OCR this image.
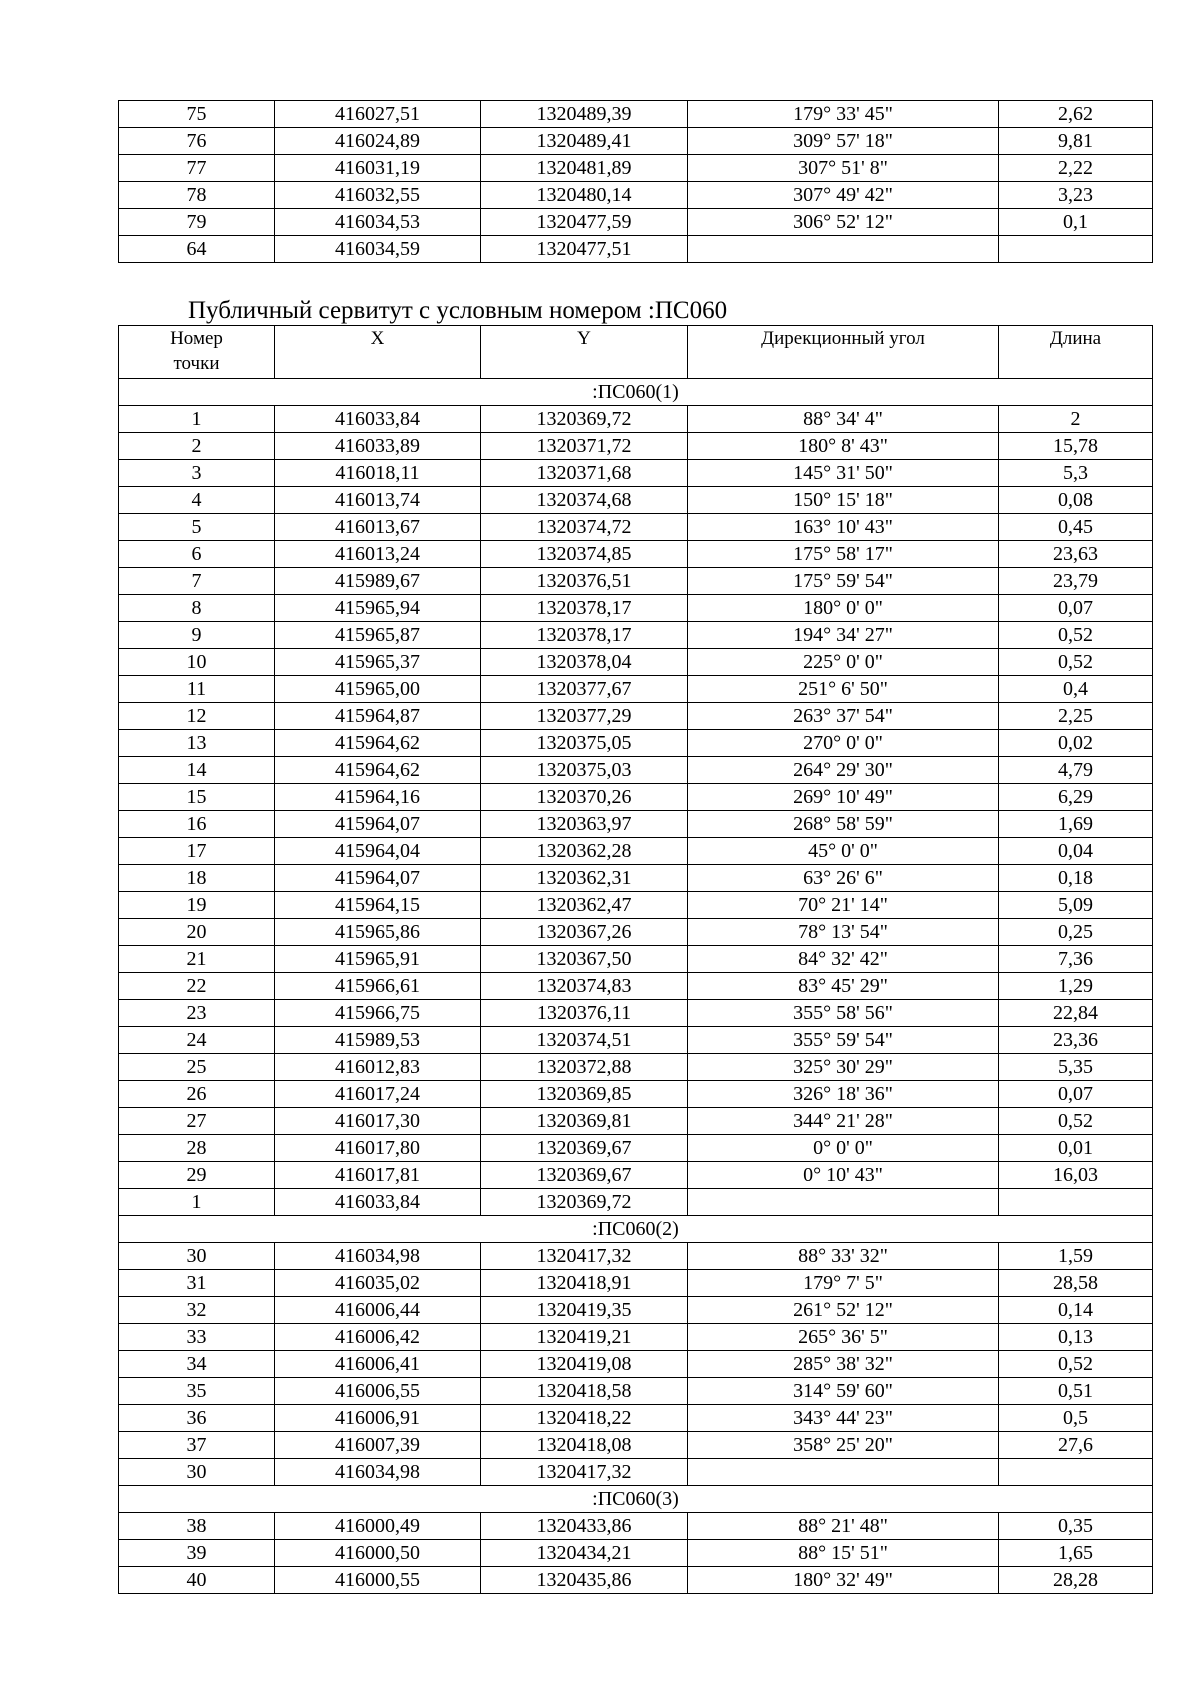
75	416027,51	1320489,39	179° 33' 45"	2,62
76	416024,89	1320489,41	309° 57' 18"	9,81
77	416031,19	1320481,89	307° 51' 8"	2,22
78	416032,55	1320480,14	307° 49' 42"	3,23
79	416034,53	1320477,59	306° 52' 12"	0,1
64	416034,59	1320477,51		
Публичный сервитут с условным номером :ПС060
Номер
точки	X	Y	Дирекционный угол	Длина
:ПС060(1)				
1	416033,84	1320369,72	88° 34' 4"	2
2	416033,89	1320371,72	180° 8' 43"	15,78
3	416018,11	1320371,68	145° 31' 50"	5,3
4	416013,74	1320374,68	150° 15' 18"	0,08
5	416013,67	1320374,72	163° 10' 43"	0,45
6	416013,24	1320374,85	175° 58' 17"	23,63
7	415989,67	1320376,51	175° 59' 54"	23,79
8	415965,94	1320378,17	180° 0' 0"	0,07
9	415965,87	1320378,17	194° 34' 27"	0,52
10	415965,37	1320378,04	225° 0' 0"	0,52
11	415965,00	1320377,67	251° 6' 50"	0,4
12	415964,87	1320377,29	263° 37' 54"	2,25
13	415964,62	1320375,05	270° 0' 0"	0,02
14	415964,62	1320375,03	264° 29' 30"	4,79
15	415964,16	1320370,26	269° 10' 49"	6,29
16	415964,07	1320363,97	268° 58' 59"	1,69
17	415964,04	1320362,28	45° 0' 0"	0,04
18	415964,07	1320362,31	63° 26' 6"	0,18
19	415964,15	1320362,47	70° 21' 14"	5,09
20	415965,86	1320367,26	78° 13' 54"	0,25
21	415965,91	1320367,50	84° 32' 42"	7,36
22	415966,61	1320374,83	83° 45' 29"	1,29
23	415966,75	1320376,11	355° 58' 56"	22,84
24	415989,53	1320374,51	355° 59' 54"	23,36
25	416012,83	1320372,88	325° 30' 29"	5,35
26	416017,24	1320369,85	326° 18' 36"	0,07
27	416017,30	1320369,81	344° 21' 28"	0,52
28	416017,80	1320369,67	0° 0' 0"	0,01
29	416017,81	1320369,67	0° 10' 43"	16,03
1	416033,84	1320369,72		
:ПС060(2)				
30	416034,98	1320417,32	88° 33' 32"	1,59
31	416035,02	1320418,91	179° 7' 5"	28,58
32	416006,44	1320419,35	261° 52' 12"	0,14
33	416006,42	1320419,21	265° 36' 5"	0,13
34	416006,41	1320419,08	285° 38' 32"	0,52
35	416006,55	1320418,58	314° 59' 60"	0,51
36	416006,91	1320418,22	343° 44' 23"	0,5
37	416007,39	1320418,08	358° 25' 20"	27,6
30	416034,98	1320417,32		
:ПС060(3)				
38	416000,49	1320433,86	88° 21' 48"	0,35
39	416000,50	1320434,21	88° 15' 51"	1,65
40	416000,55	1320435,86	180° 32' 49"	28,28
